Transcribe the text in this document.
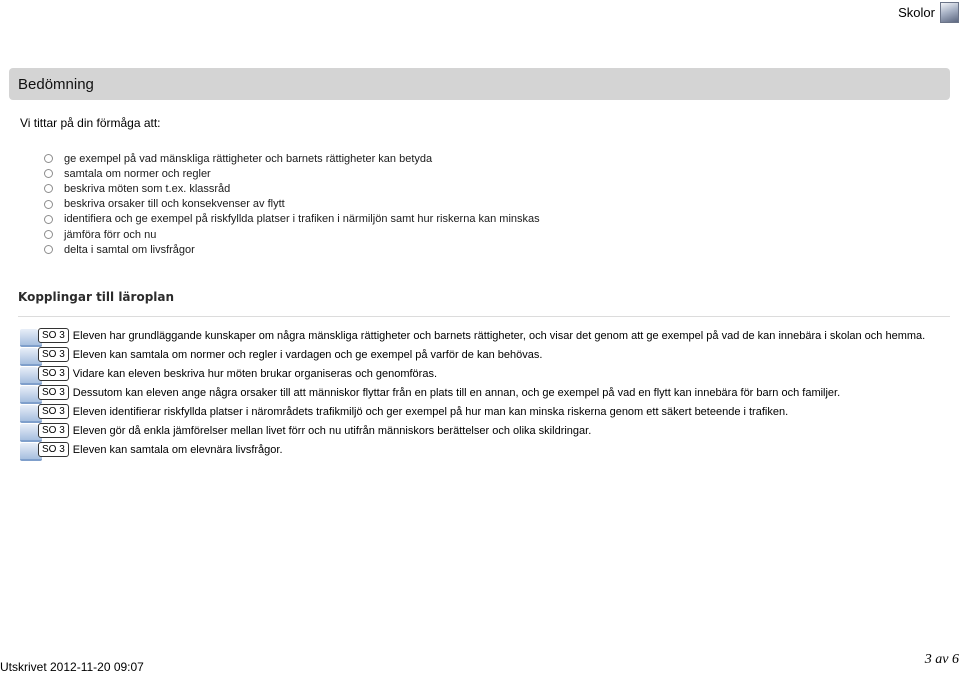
Skolor
Bedömning
Vi tittar på din förmåga att:
ge exempel på vad mänskliga rättigheter och barnets rättigheter kan betyda
samtala om normer och regler
beskriva möten som t.ex. klassråd
beskriva orsaker till och konsekvenser av flytt
identifiera och ge exempel på riskfyllda platser i trafiken i närmiljön samt hur riskerna kan minskas
jämföra förr och nu
delta i samtal om livsfrågor
Kopplingar till läroplan
SO 3 Eleven har grundläggande kunskaper om några mänskliga rättigheter och barnets rättigheter, och visar det genom att ge exempel på vad de kan innebära i skolan och hemma.
SO 3 Eleven kan samtala om normer och regler i vardagen och ge exempel på varför de kan behövas.
SO 3 Vidare kan eleven beskriva hur möten brukar organiseras och genomföras.
SO 3 Dessutom kan eleven ange några orsaker till att människor flyttar från en plats till en annan, och ge exempel på vad en flytt kan innebära för barn och familjer.
SO 3 Eleven identifierar riskfyllda platser i närområdets trafikmiljö och ger exempel på hur man kan minska riskerna genom ett säkert beteende i trafiken.
SO 3 Eleven gör då enkla jämförelser mellan livet förr och nu utifrån människors berättelser och olika skildringar.
SO 3 Eleven kan samtala om elevnära livsfrågor.
Utskrivet 2012-11-20 09:07	3 av 6
